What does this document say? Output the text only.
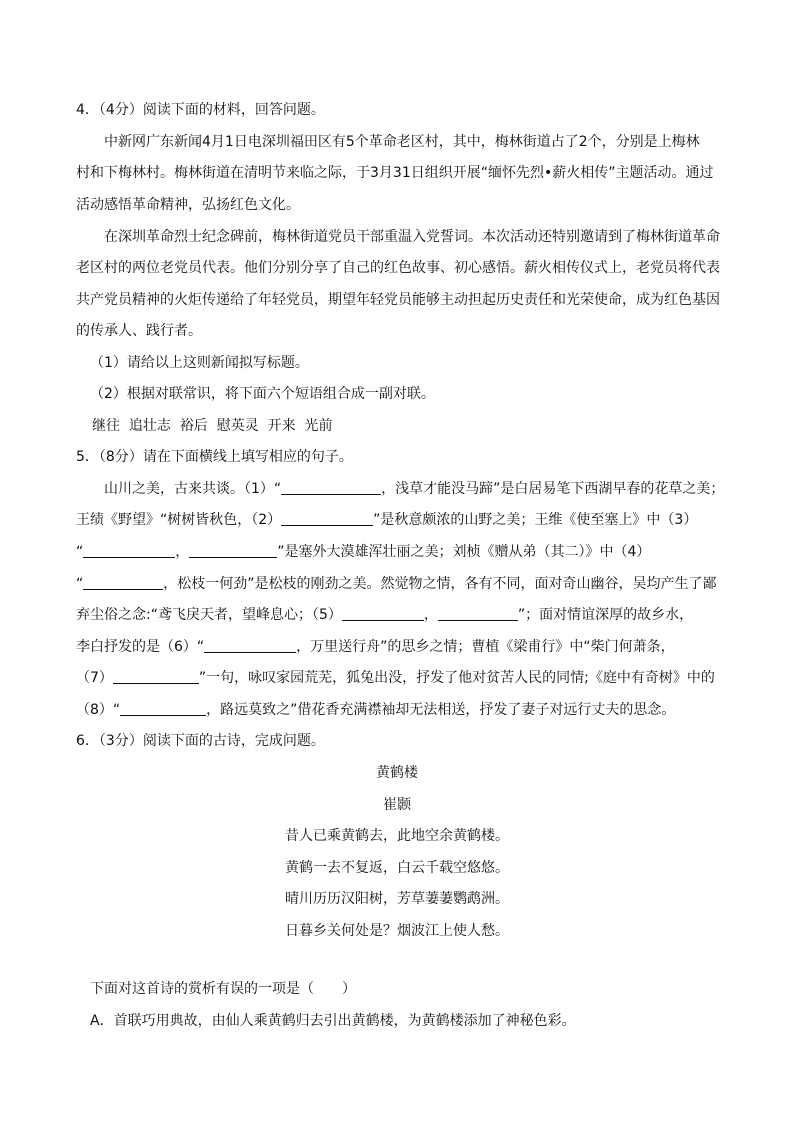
4．（4分）阅读下面的材料，回答问题。
中新网广东新闻4月1日电深圳福田区有5个革命老区村，其中，梅林街道占了2个，分别是上梅林
村和下梅林村。梅林街道在清明节来临之际，于3月31日组织开展“缅怀先烈•薪火相传”主题活动。通过
活动感悟革命精神，弘扬红色文化。
在深圳革命烈士纪念碑前，梅林街道党员干部重温入党誓词。本次活动还特别邀请到了梅林街道革命
老区村的两位老党员代表。他们分别分享了自己的红色故事、初心感悟。薪火相传仪式上，老党员将代表
共产党员精神的火炬传递给了年轻党员，期望年轻党员能够主动担起历史责任和光荣使命，成为红色基因
的传承人、践行者。
（1）请给以上这则新闻拟写标题。
（2）根据对联常识，将下面六个短语组合成一副对联。
继往  追壮志  裕后  慰英灵  开来  光前
5．（8分）请在下面横线上填写相应的句子。
山川之美，古来共谈。（1）“	，浅草才能没马蹄”是白居易笔下西湖早春的花草之美；
王绩《野望》“树树皆秋色，（2）	”是秋意颇浓的山野之美；王维《使至塞上》中（3）
“	，	”是塞外大漠雄浑壮丽之美；刘桢《赠从弟（其二）》中（4）
“	，松枝一何劲”是松枝的刚劲之美。然觉物之情，各有不同，面对奇山幽谷，吴均产生了鄙
弃尘俗之念:“鸢飞戾天者，望峰息心；（5）	，	”；面对情谊深厚的故乡水，
李白抒发的是（6）“	，万里送行舟”的思乡之情；曹植《梁甫行》中“柴门何萧条，
（7）	”一句，咏叹家园荒芜，狐兔出没，抒发了他对贫苦人民的同情;《庭中有奇树》中的
（8）“	，路远莫致之”借花香充满襟袖却无法相送，抒发了妻子对远行丈夫的思念。
6．（3分）阅读下面的古诗，完成问题。
黄鹤楼
崔颢
昔人已乘黄鹤去，此地空余黄鹤楼。
黄鹤一去不复返，白云千载空悠悠。
晴川历历汉阳树，芳草萋萋鹦鹉洲。
日暮乡关何处是？烟波江上使人愁。
下面对这首诗的赏析有误的一项是（　　）
A．首联巧用典故，由仙人乘黄鹤归去引出黄鹤楼，为黄鹤楼添加了神秘色彩。
